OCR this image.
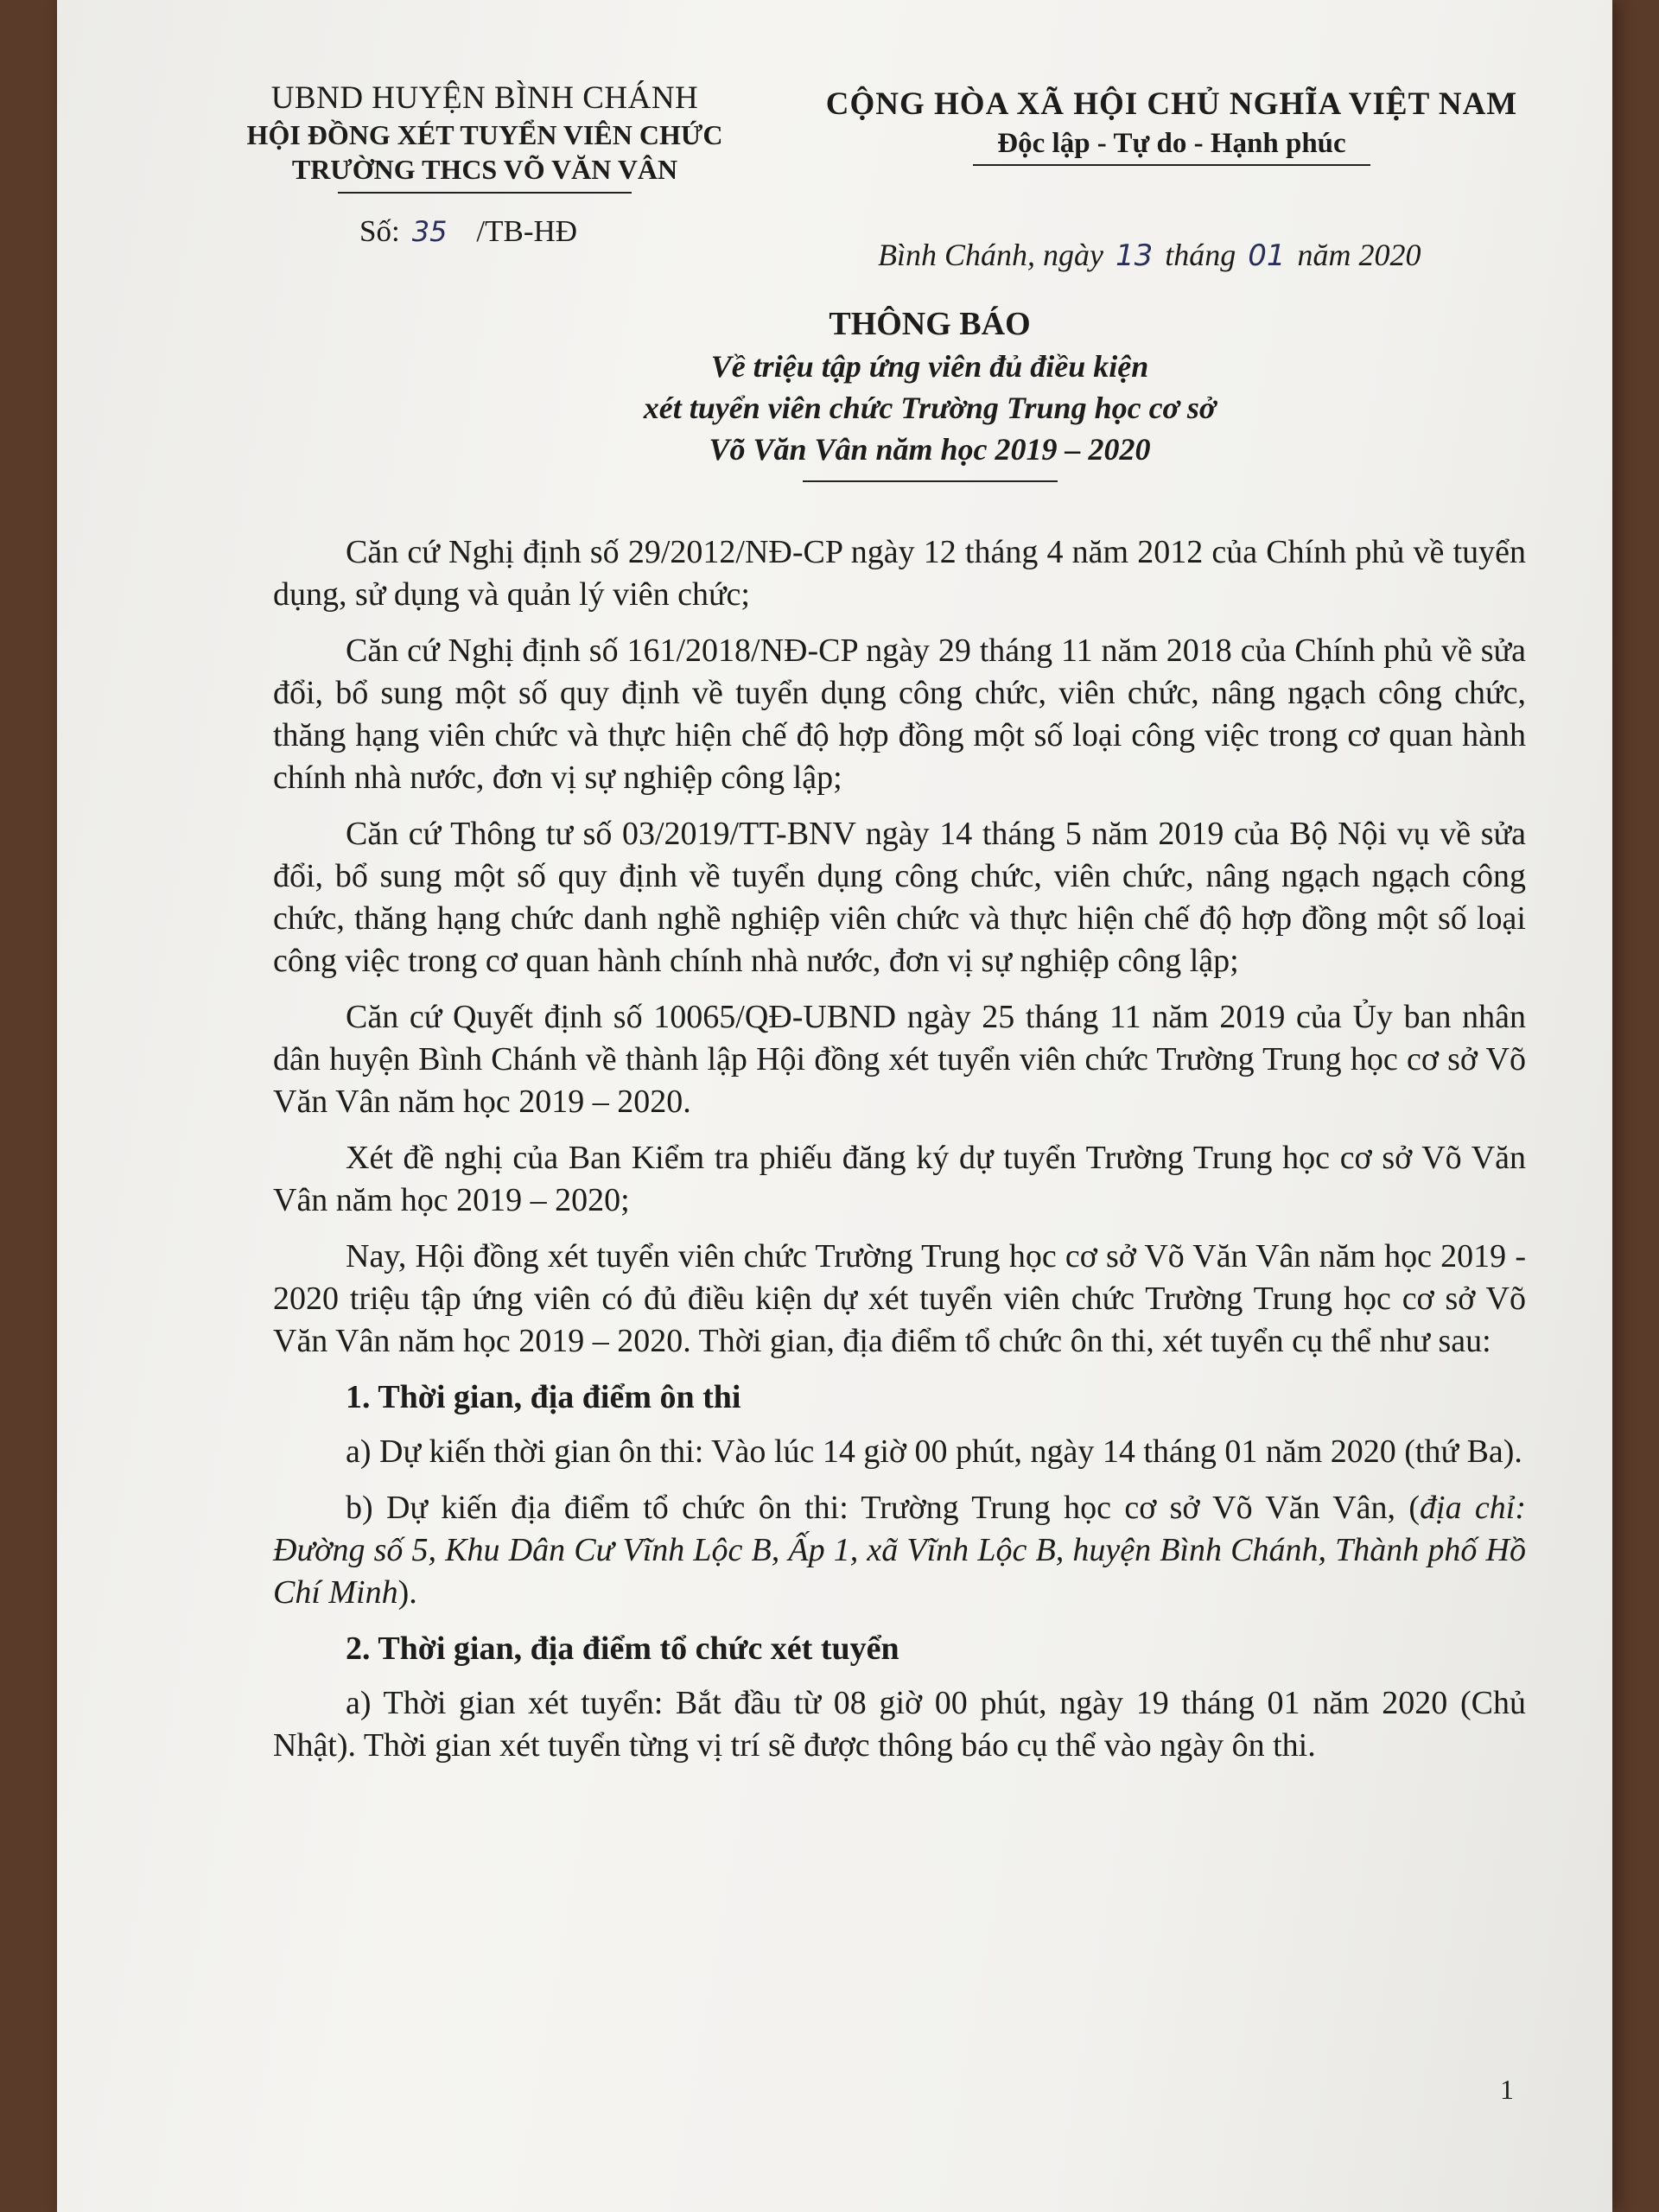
UBND HUYỆN BÌNH CHÁNH
HỘI ĐỒNG XÉT TUYỂN VIÊN CHỨC
TRƯỜNG THCS VÕ VĂN VÂN
CỘNG HÒA XÃ HỘI CHỦ NGHĨA VIỆT NAM
Độc lập - Tự do - Hạnh phúc
Số: 35 /TB-HĐ
Bình Chánh, ngày 13 tháng 01 năm 2020
THÔNG BÁO
Về triệu tập ứng viên đủ điều kiện
xét tuyển viên chức Trường Trung học cơ sở
Võ Văn Vân năm học 2019 – 2020

Căn cứ Nghị định số 29/2012/NĐ-CP ngày 12 tháng 4 năm 2012 của Chính phủ về tuyển dụng, sử dụng và quản lý viên chức;

Căn cứ Nghị định số 161/2018/NĐ-CP ngày 29 tháng 11 năm 2018 của Chính phủ về sửa đổi, bổ sung một số quy định về tuyển dụng công chức, viên chức, nâng ngạch công chức, thăng hạng viên chức và thực hiện chế độ hợp đồng một số loại công việc trong cơ quan hành chính nhà nước, đơn vị sự nghiệp công lập;

Căn cứ Thông tư số 03/2019/TT-BNV ngày 14 tháng 5 năm 2019 của Bộ Nội vụ về sửa đổi, bổ sung một số quy định về tuyển dụng công chức, viên chức, nâng ngạch ngạch công chức, thăng hạng chức danh nghề nghiệp viên chức và thực hiện chế độ hợp đồng một số loại công việc trong cơ quan hành chính nhà nước, đơn vị sự nghiệp công lập;

Căn cứ Quyết định số 10065/QĐ-UBND ngày 25 tháng 11 năm 2019 của Ủy ban nhân dân huyện Bình Chánh về thành lập Hội đồng xét tuyển viên chức Trường Trung học cơ sở Võ Văn Vân năm học 2019 – 2020.

Xét đề nghị của Ban Kiểm tra phiếu đăng ký dự tuyển Trường Trung học cơ sở Võ Văn Vân năm học 2019 – 2020;

Nay, Hội đồng xét tuyển viên chức Trường Trung học cơ sở Võ Văn Vân năm học 2019 - 2020 triệu tập ứng viên có đủ điều kiện dự xét tuyển viên chức Trường Trung học cơ sở Võ Văn Vân năm học 2019 – 2020. Thời gian, địa điểm tổ chức ôn thi, xét tuyển cụ thể như sau:

1. Thời gian, địa điểm ôn thi

a) Dự kiến thời gian ôn thi: Vào lúc 14 giờ 00 phút, ngày 14 tháng 01 năm 2020 (thứ Ba).

b) Dự kiến địa điểm tổ chức ôn thi: Trường Trung học cơ sở Võ Văn Vân, (địa chỉ: Đường số 5, Khu Dân Cư Vĩnh Lộc B, Ấp 1, xã Vĩnh Lộc B, huyện Bình Chánh, Thành phố Hồ Chí Minh).

2. Thời gian, địa điểm tổ chức xét tuyển

a) Thời gian xét tuyển: Bắt đầu từ 08 giờ 00 phút, ngày 19 tháng 01 năm 2020 (Chủ Nhật). Thời gian xét tuyển từng vị trí sẽ được thông báo cụ thể vào ngày ôn thi.

1
